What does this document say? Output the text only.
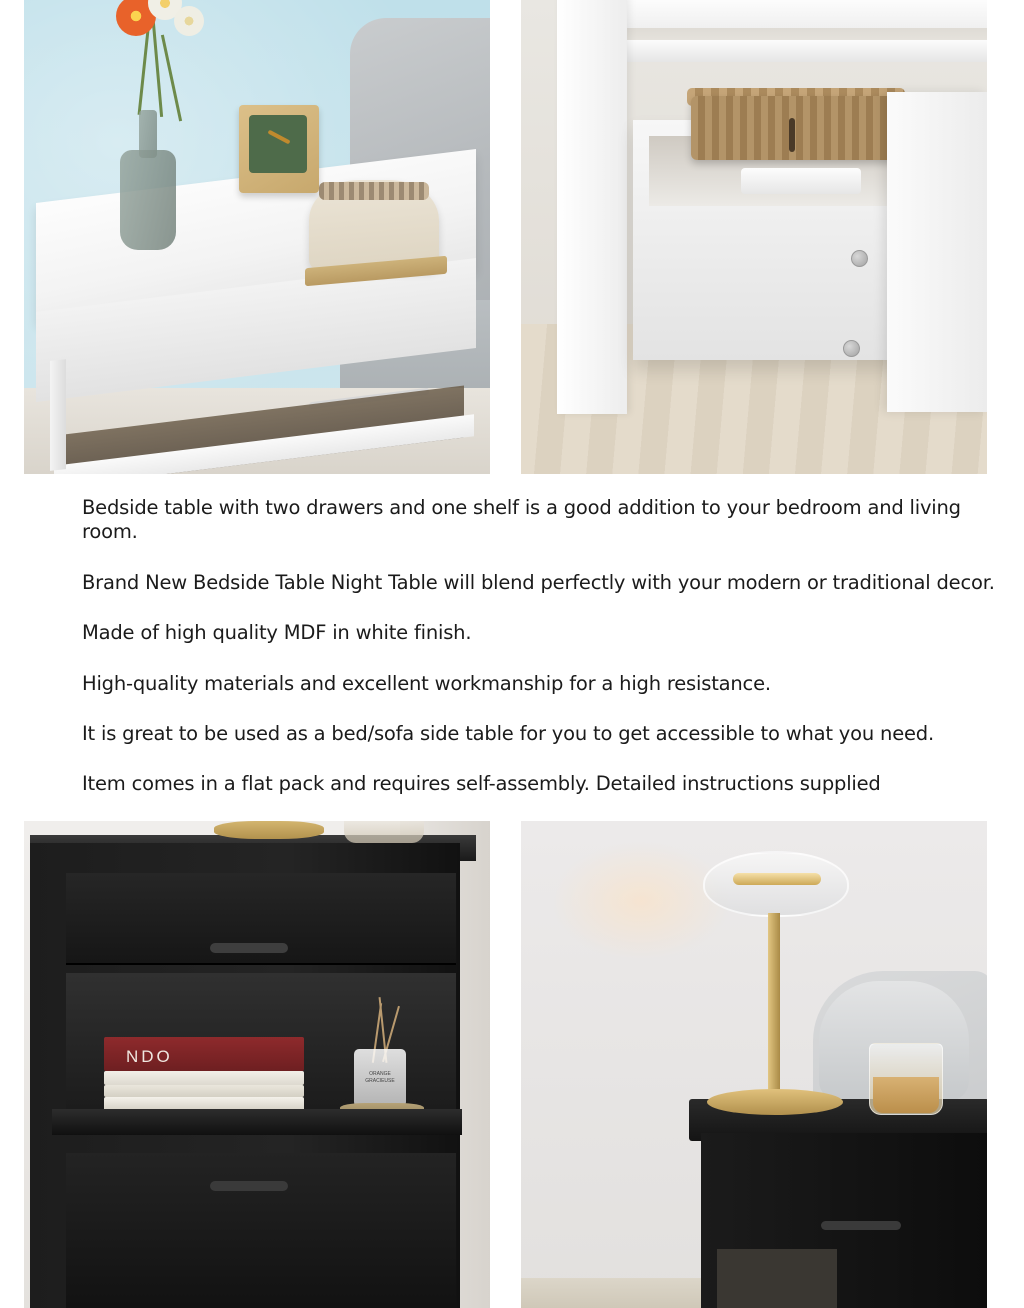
Bedside table with two drawers and one shelf is a good addition to your bedroom and living room.

Brand New Bedside Table Night Table will blend perfectly with your modern or traditional decor.

Made of high quality MDF in white finish.

High-quality materials and excellent workmanship for a high resistance.

It is great to be used as a bed/sofa side table for you to get accessible to what you need.

Item comes in a flat pack and requires self-assembly. Detailed instructions supplied

NDO
ORANGE GRACIEUSE
